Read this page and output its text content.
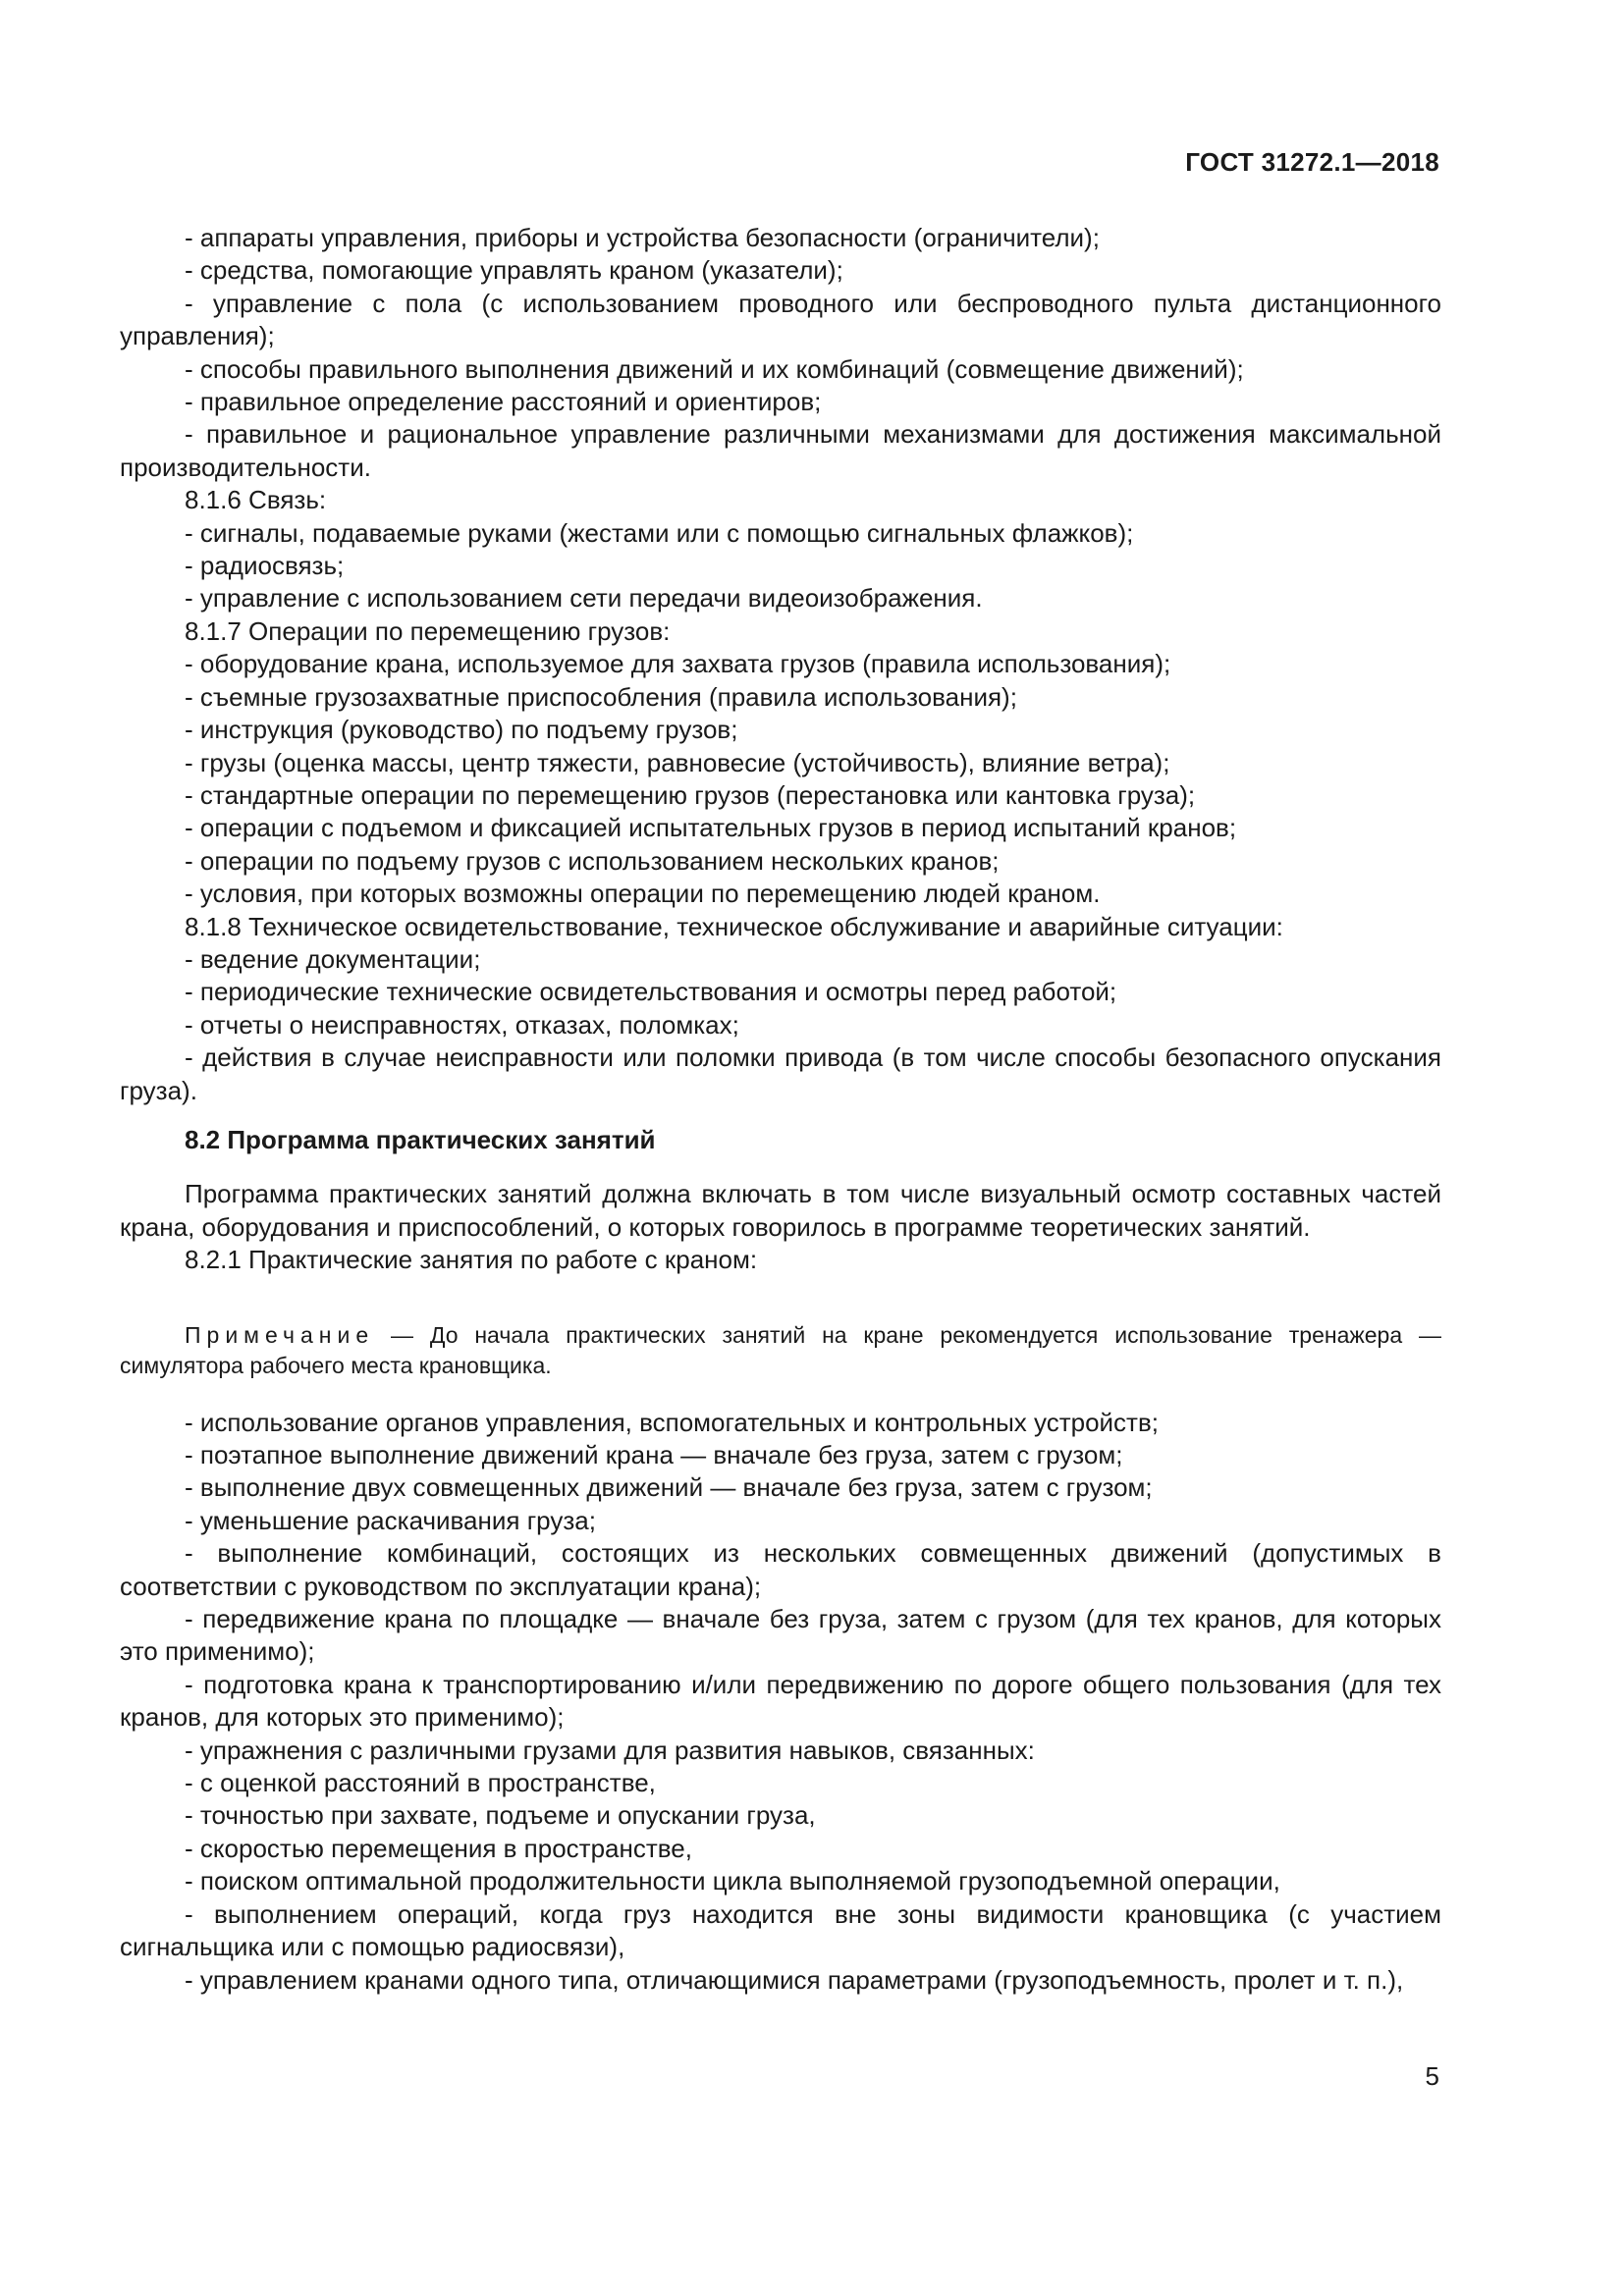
ГОСТ 31272.1—2018

- аппараты управления, приборы и устройства безопасности (ограничители);

- средства, помогающие управлять краном (указатели);

- управление с пола (с использованием проводного или беспроводного пульта дистанционного управления);

- способы правильного выполнения движений и их комбинаций (совмещение движений);

- правильное определение расстояний и ориентиров;

- правильное и рациональное управление различными механизмами для достижения максимальной производительности.

8.1.6 Связь:

- сигналы, подаваемые руками (жестами или с помощью сигнальных флажков);

- радиосвязь;

- управление с использованием сети передачи видеоизображения.

8.1.7 Операции по перемещению грузов:

- оборудование крана, используемое для захвата грузов (правила использования);

- съемные грузозахватные приспособления (правила использования);

- инструкция (руководство) по подъему грузов;

- грузы (оценка массы, центр тяжести, равновесие (устойчивость), влияние ветра);

- стандартные операции по перемещению грузов (перестановка или кантовка груза);

- операции с подъемом и фиксацией испытательных грузов в период испытаний кранов;

- операции по подъему грузов с использованием нескольких кранов;

- условия, при которых возможны операции по перемещению людей краном.

8.1.8 Техническое освидетельствование, техническое обслуживание и аварийные ситуации:

- ведение документации;

- периодические технические освидетельствования и осмотры перед работой;

- отчеты о неисправностях, отказах, поломках;

- действия в случае неисправности или поломки привода (в том числе способы безопасного опускания груза).

8.2 Программа практических занятий

Программа практических занятий должна включать в том числе визуальный осмотр составных частей крана, оборудования и приспособлений, о которых говорилось в программе теоретических занятий.

8.2.1 Практические занятия по работе с краном:

Примечание — До начала практических занятий на кране рекомендуется использование тренажера — симулятора рабочего места крановщика.

- использование органов управления, вспомогательных и контрольных устройств;

- поэтапное выполнение движений крана — вначале без груза, затем с грузом;

- выполнение двух совмещенных движений — вначале без груза, затем с грузом;

- уменьшение раскачивания груза;

- выполнение комбинаций, состоящих из нескольких совмещенных движений (допустимых в соответствии с руководством по эксплуатации крана);

- передвижение крана по площадке — вначале без груза, затем с грузом (для тех кранов, для которых это применимо);

- подготовка крана к транспортированию и/или передвижению по дороге общего пользования (для тех кранов, для которых это применимо);

- упражнения с различными грузами для развития навыков, связанных:

- с оценкой расстояний в пространстве,

- точностью при захвате, подъеме и опускании груза,

- скоростью перемещения в пространстве,

- поиском оптимальной продолжительности цикла выполняемой грузоподъемной операции,

- выполнением операций, когда груз находится вне зоны видимости крановщика (с участием сигнальщика или с помощью радиосвязи),

- управлением кранами одного типа, отличающимися параметрами (грузоподъемность, пролет и т. п.),

5
